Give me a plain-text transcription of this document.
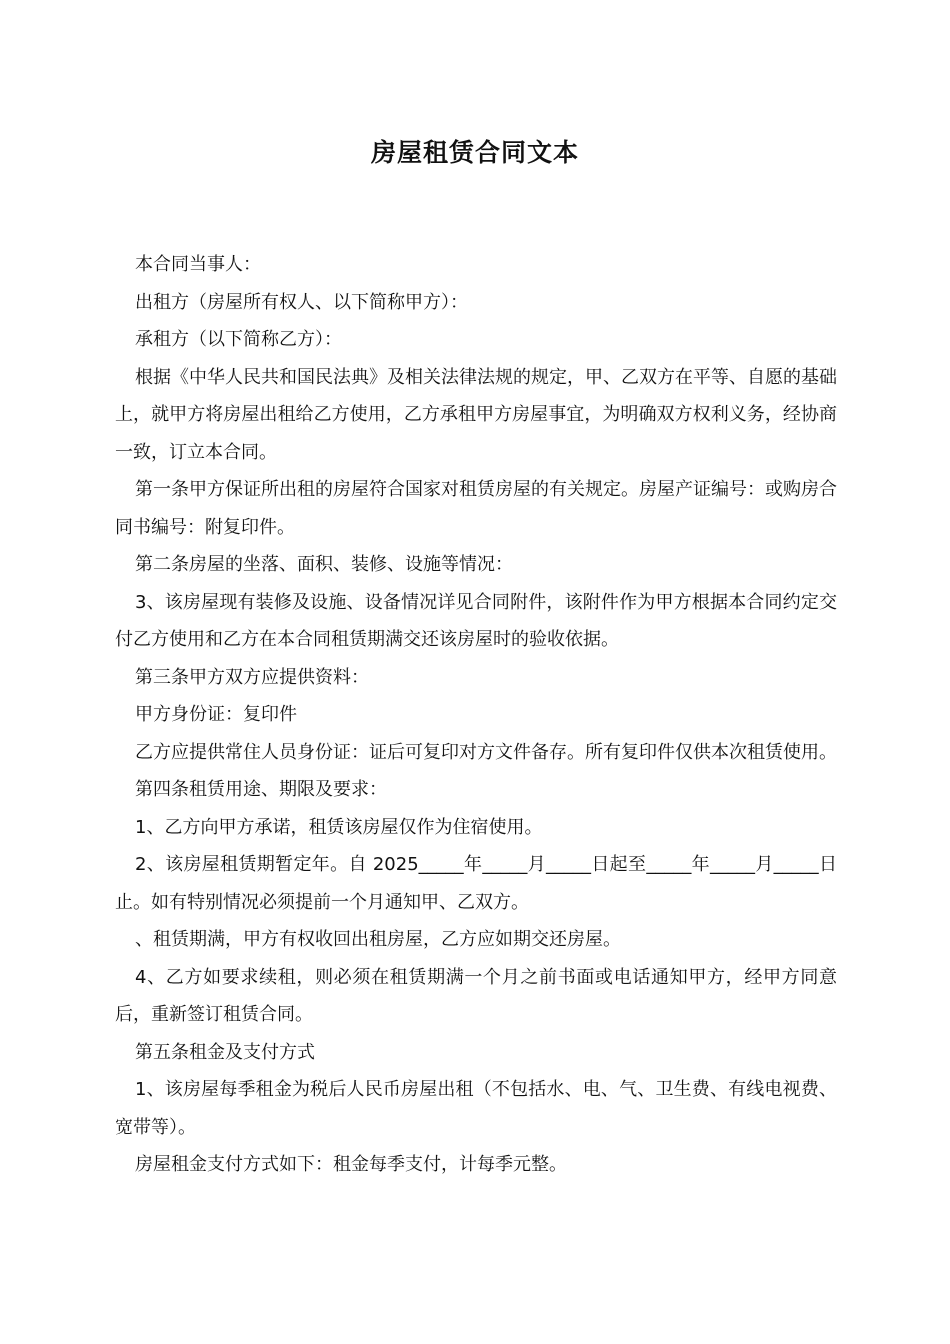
房屋租赁合同文本

本合同当事人：

出租方（房屋所有权人、以下简称甲方）：

承租方（以下简称乙方）：

根据《中华人民共和国民法典》及相关法律法规的规定，甲、乙双方在平等、自愿的基础上，就甲方将房屋出租给乙方使用，乙方承租甲方房屋事宜，为明确双方权利义务，经协商一致，订立本合同。

第一条甲方保证所出租的房屋符合国家对租赁房屋的有关规定。房屋产证编号：或购房合同书编号：附复印件。

第二条房屋的坐落、面积、装修、设施等情况：

3、该房屋现有装修及设施、设备情况详见合同附件，该附件作为甲方根据本合同约定交付乙方使用和乙方在本合同租赁期满交还该房屋时的验收依据。

第三条甲方双方应提供资料：

甲方身份证：复印件

乙方应提供常住人员身份证：证后可复印对方文件备存。所有复印件仅供本次租赁使用。

第四条租赁用途、期限及要求：

1、乙方向甲方承诺，租赁该房屋仅作为住宿使用。

2、该房屋租赁期暂定年。自 2025_____年_____月_____日起至_____年_____月_____日止。如有特别情况必须提前一个月通知甲、乙双方。

、租赁期满，甲方有权收回出租房屋，乙方应如期交还房屋。

4、乙方如要求续租，则必须在租赁期满一个月之前书面或电话通知甲方，经甲方同意后，重新签订租赁合同。

第五条租金及支付方式

1、该房屋每季租金为税后人民币房屋出租（不包括水、电、气、卫生费、有线电视费、宽带等）。

房屋租金支付方式如下：租金每季支付，计每季元整。
